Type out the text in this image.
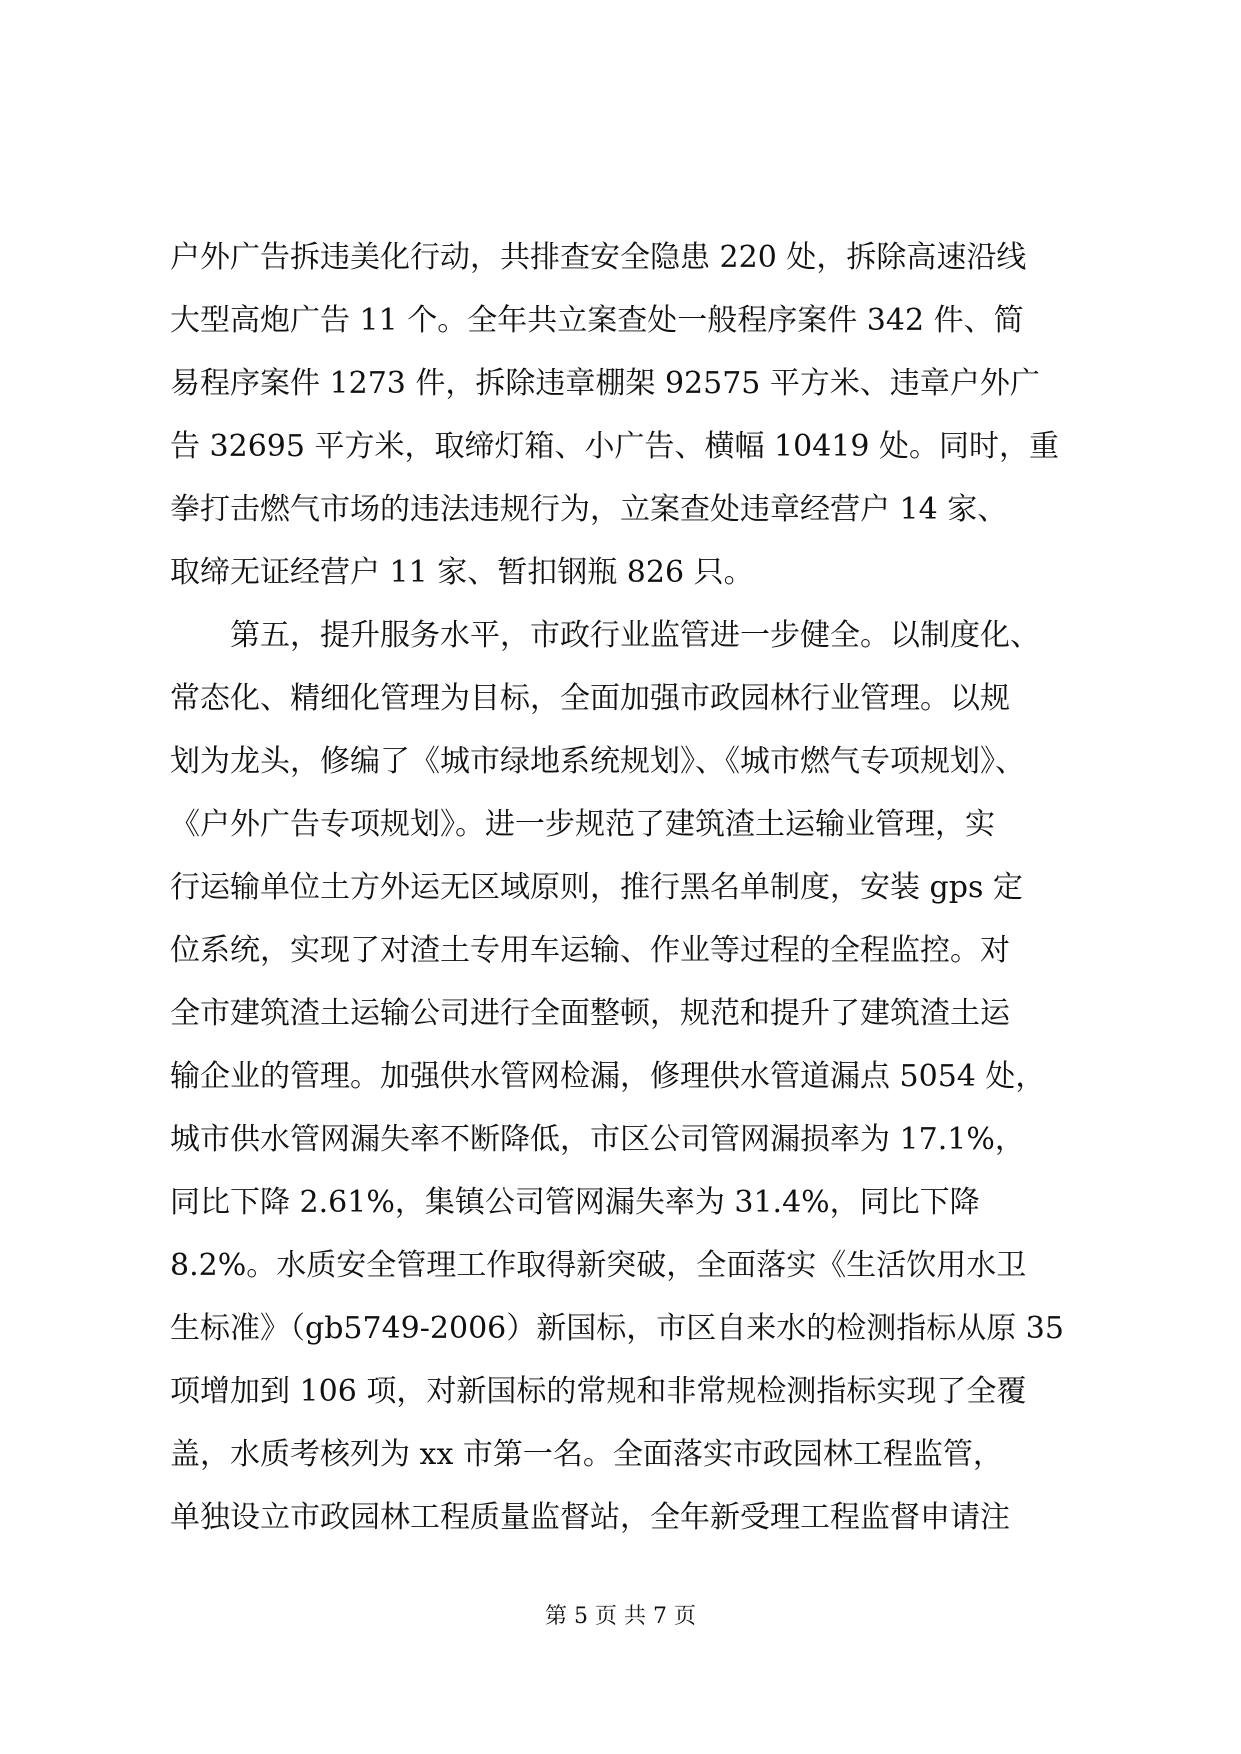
户外广告拆违美化行动，共排查安全隐患 220 处，拆除高速沿线
大型高炮广告 11 个。全年共立案查处一般程序案件 342 件、简
易程序案件 1273 件，拆除违章棚架 92575 平方米、违章户外广
告 32695 平方米，取缔灯箱、小广告、横幅 10419 处。同时，重
拳打击燃气市场的违法违规行为，立案查处违章经营户 14 家、
取缔无证经营户 11 家、暂扣钢瓶 826 只。
　　第五，提升服务水平，市政行业监管进一步健全。以制度化、
常态化、精细化管理为目标，全面加强市政园林行业管理。以规
划为龙头，修编了《城市绿地系统规划》、《城市燃气专项规划》、
《户外广告专项规划》。进一步规范了建筑渣土运输业管理，实
行运输单位土方外运无区域原则，推行黑名单制度，安装 gps 定
位系统，实现了对渣土专用车运输、作业等过程的全程监控。对
全市建筑渣土运输公司进行全面整顿，规范和提升了建筑渣土运
输企业的管理。加强供水管网检漏，修理供水管道漏点 5054 处，
城市供水管网漏失率不断降低，市区公司管网漏损率为 17.1%，
同比下降 2.61%，集镇公司管网漏失率为 31.4%，同比下降
8.2%。水质安全管理工作取得新突破，全面落实《生活饮用水卫
生标准》（gb5749-2006）新国标，市区自来水的检测指标从原 35
项增加到 106 项，对新国标的常规和非常规检测指标实现了全覆
盖，水质考核列为 xx 市第一名。全面落实市政园林工程监管，
单独设立市政园林工程质量监督站，全年新受理工程监督申请注
第 5 页 共 7 页
